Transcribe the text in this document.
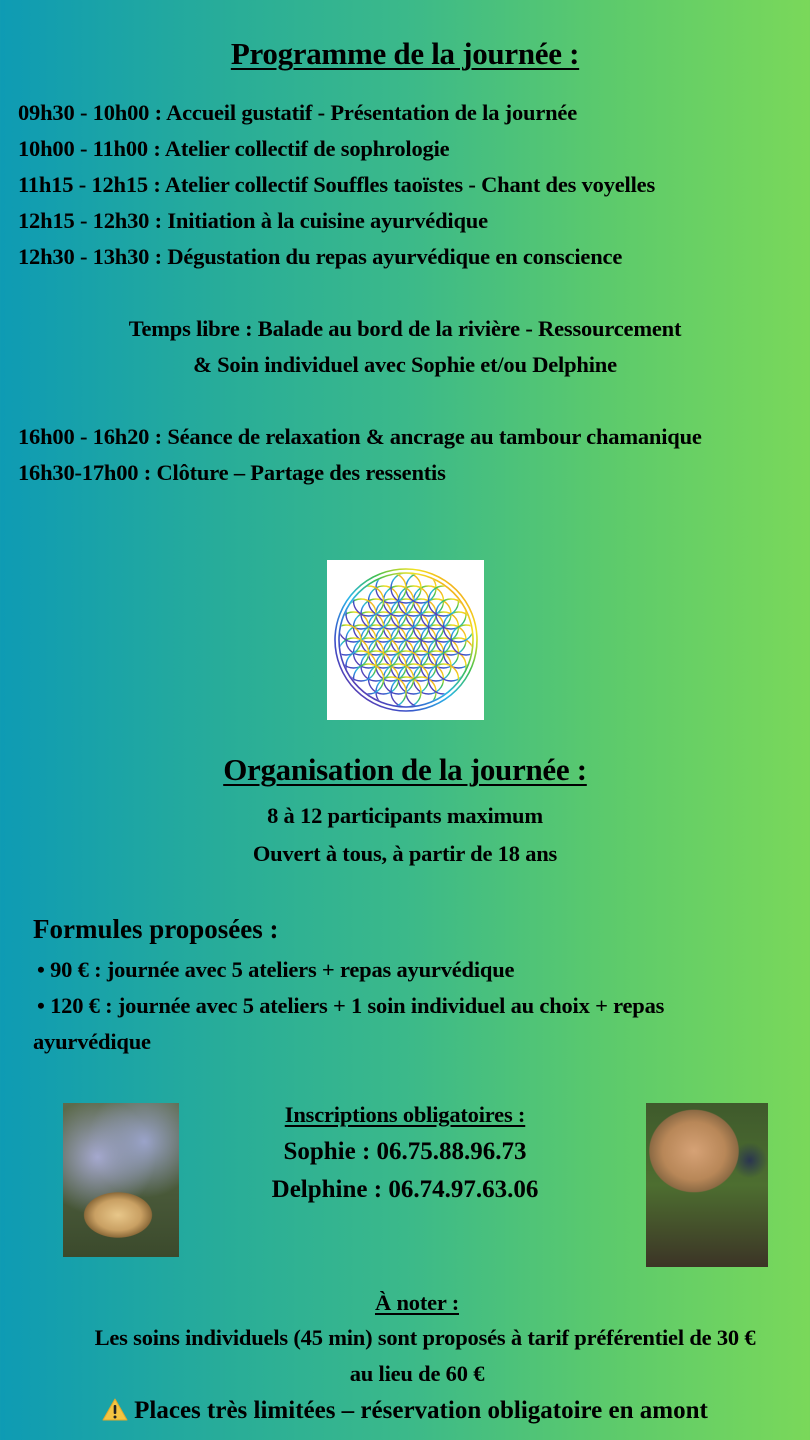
Programme de la journée :
09h30 - 10h00 : Accueil gustatif - Présentation de la journée
10h00 - 11h00 : Atelier collectif de sophrologie
11h15 - 12h15 : Atelier collectif Souffles taoïstes - Chant des voyelles
12h15 - 12h30 : Initiation à la cuisine ayurvédique
12h30 - 13h30 : Dégustation du repas ayurvédique en conscience
Temps libre : Balade au bord de la rivière - Ressourcement
& Soin individuel avec Sophie et/ou Delphine
16h00 - 16h20 : Séance de relaxation & ancrage au tambour chamanique
16h30-17h00 : Clôture – Partage des ressentis
Organisation de la journée :
8 à 12 participants maximum
Ouvert à tous, à partir de 18 ans
Formules proposées :
• 90 € : journée avec 5 ateliers + repas ayurvédique
• 120 € : journée avec 5 ateliers + 1 soin individuel au choix + repas
ayurvédique
Inscriptions obligatoires :
Sophie : 06.75.88.96.73
Delphine : 06.74.97.63.06
À noter :
Les soins individuels (45 min) sont proposés à tarif préférentiel de 30 €
au lieu de 60 €
Places très limitées – réservation obligatoire en amont
